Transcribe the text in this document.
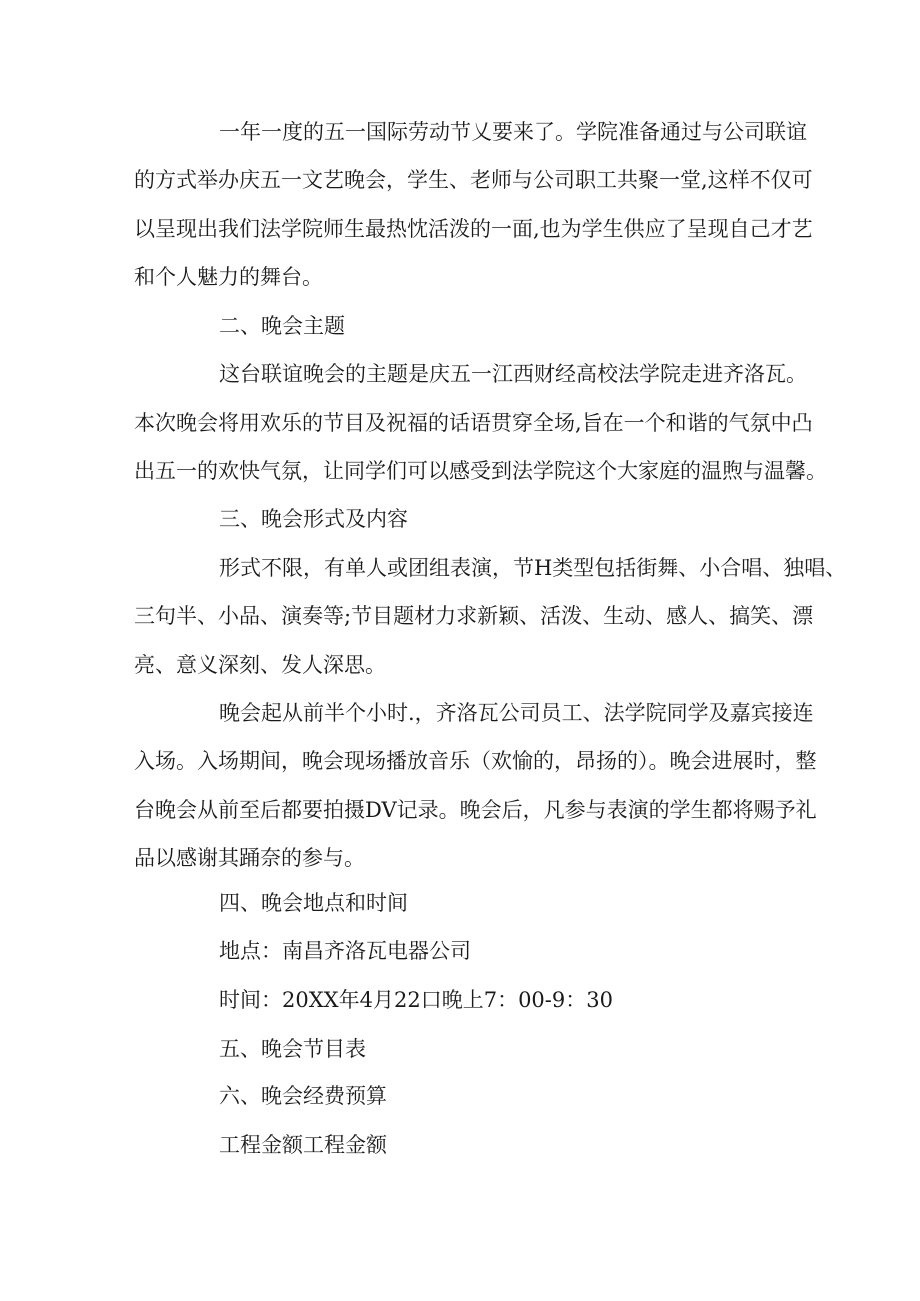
一年一度的五一国际劳动节乂要来了。学院准备通过与公司联谊
的方式举办庆五一文艺晚会，学生、老师与公司职工共聚一堂,这样不仅可
以呈现出我们法学院师生最热忱活泼的一面,也为学生供应了呈现自己才艺
和个人魅力的舞台。
二、晚会主题
这台联谊晚会的主题是庆五一江西财经高校法学院走进齐洛瓦。
本次晚会将用欢乐的节目及祝福的话语贯穿全场,旨在一个和谐的气氛中凸
出五一的欢快气氛，让同学们可以感受到法学院这个大家庭的温煦与温馨。
三、晚会形式及内容
形式不限，有单人或团组表演，节H类型包括街舞、小合唱、独唱、
三句半、小品、演奏等;节目题材力求新颖、活泼、生动、感人、搞笑、漂
亮、意义深刻、发人深思。
晚会起从前半个小时.，齐洛瓦公司员工、法学院同学及嘉宾接连
入场。入场期间，晚会现场播放音乐（欢愉的，昂扬的）。晚会进展时，整
台晚会从前至后都要拍摄DV记录。晚会后，凡参与表演的学生都将赐予礼
品以感谢其踊奈的参与。
四、晚会地点和时间
地点：南昌齐洛瓦电器公司
时间：20XX年4月22口晚上7：00-9：30
五、晚会节目表
六、晚会经费预算
工程金额工程金额
